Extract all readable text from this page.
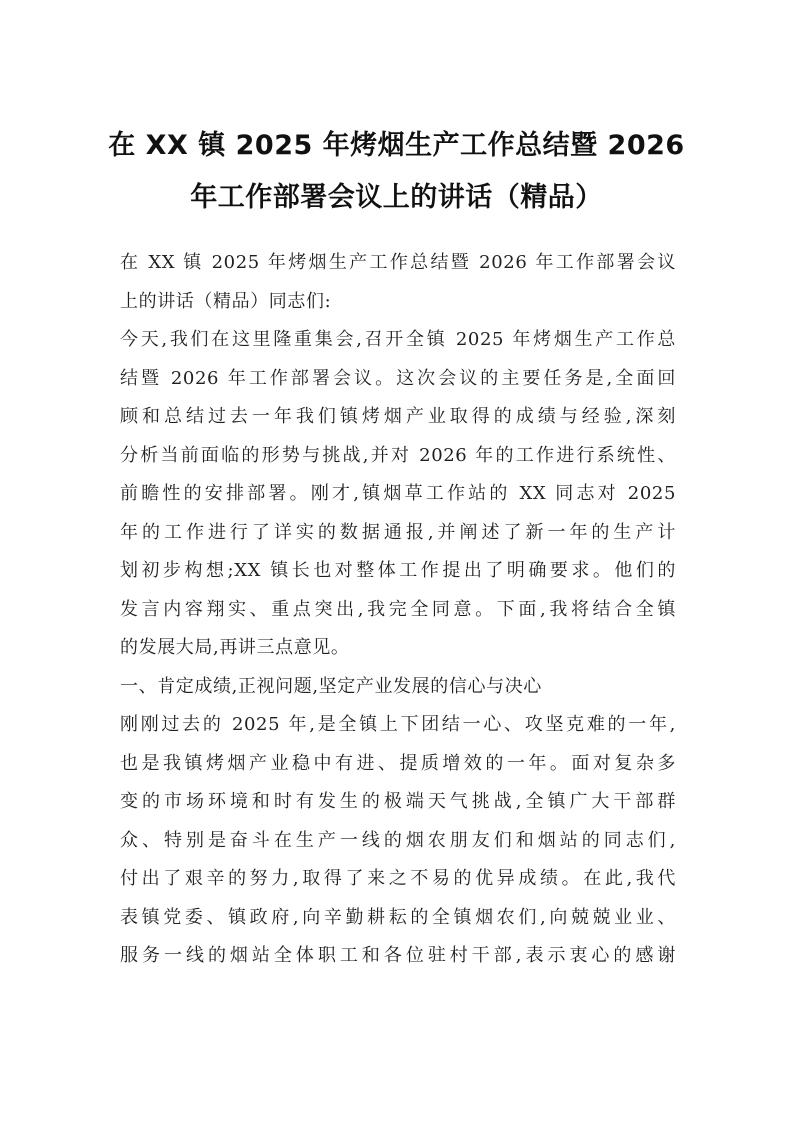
在 XX 镇 2025 年烤烟生产工作总结暨 2026
年工作部署会议上的讲话（精品）
在 XX 镇 2025 年烤烟生产工作总结暨 2026 年工作部署会议
上的讲话（精品）同志们:
今天,我们在这里隆重集会,召开全镇 2025 年烤烟生产工作总
结暨 2026 年工作部署会议。这次会议的主要任务是,全面回
顾和总结过去一年我们镇烤烟产业取得的成绩与经验,深刻
分析当前面临的形势与挑战,并对 2026 年的工作进行系统性、
前瞻性的安排部署。刚才,镇烟草工作站的 XX 同志对 2025
年的工作进行了详实的数据通报,并阐述了新一年的生产计
划初步构想;XX 镇长也对整体工作提出了明确要求。他们的
发言内容翔实、重点突出,我完全同意。下面,我将结合全镇
的发展大局,再讲三点意见。
一、肯定成绩,正视问题,坚定产业发展的信心与决心
刚刚过去的 2025 年,是全镇上下团结一心、攻坚克难的一年,
也是我镇烤烟产业稳中有进、提质增效的一年。面对复杂多
变的市场环境和时有发生的极端天气挑战,全镇广大干部群
众、特别是奋斗在生产一线的烟农朋友们和烟站的同志们,
付出了艰辛的努力,取得了来之不易的优异成绩。在此,我代
表镇党委、镇政府,向辛勤耕耘的全镇烟农们,向兢兢业业、
服务一线的烟站全体职工和各位驻村干部,表示衷心的感谢
